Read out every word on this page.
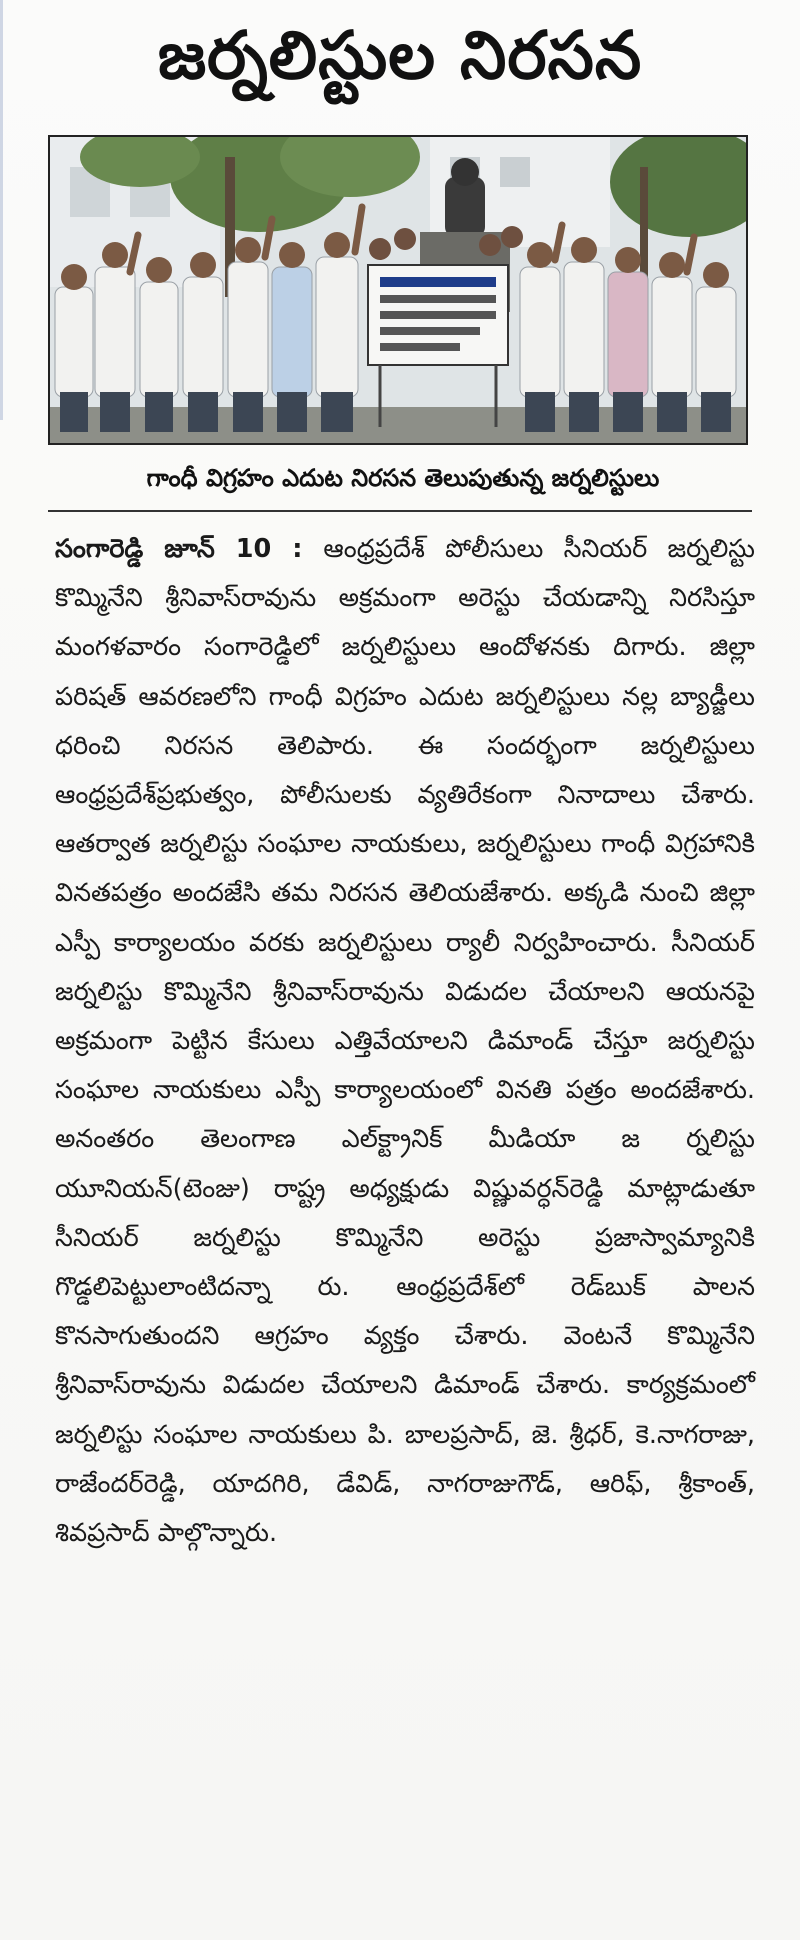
జర్నలిస్టుల నిరసన
గాంధీ విగ్రహం ఎదుట నిరసన తెలుపుతున్న జర్నలిస్టులు
సంగారెడ్డి జూన్ 10 : ఆంధ్రప్రదేశ్ పోలీసులు సీనియర్ జర్నలిస్టు కొమ్మినేని శ్రీనివాస్‌రావును అక్రమంగా అరెస్టు చేయడాన్ని నిరసిస్తూ మంగళవారం సంగారెడ్డిలో జర్నలిస్టులు ఆందోళనకు దిగారు. జిల్లా పరిషత్ ఆవరణలోని గాంధీ విగ్రహం ఎదుట జర్నలిస్టులు నల్ల బ్యాడ్జీలు ధరించి నిరసన తెలిపారు. ఈ సందర్భంగా జర్నలిస్టులు ఆంధ్రప్రదేశ్‌ప్రభుత్వం, పోలీసులకు వ్యతిరేకంగా నినాదాలు చేశారు. ఆతర్వాత జర్నలిస్టు సంఘాల నాయకులు, జర్నలిస్టులు గాంధీ విగ్రహానికి వినతపత్రం అందజేసి తమ నిరసన తెలియజేశారు. అక్కడి నుంచి జిల్లా ఎస్పీ కార్యాలయం వరకు జర్నలిస్టులు ర్యాలీ నిర్వహించారు. సీనియర్ జర్నలిస్టు కొమ్మినేని శ్రీనివాస్‌రావును విడుదల చేయాలని ఆయనపై అక్రమంగా పెట్టిన కేసులు ఎత్తివేయాలని డిమాండ్ చేస్తూ జర్నలిస్టు సంఘాల నాయకులు ఎస్పీ కార్యాలయంలో వినతి పత్రం అందజేశారు. అనంతరం తెలంగాణ ఎల్‌క్ట్రానిక్ మీడియా జ ర్నలిస్టు యూనియన్(టెంజు) రాష్ట్ర అధ్యక్షుడు విష్ణువర్ధన్‌రెడ్డి మాట్లాడుతూ సీనియర్ జర్నలిస్టు కొమ్మినేని అరెస్టు ప్రజాస్వామ్యానికి గొడ్డలిపెట్టులాంటిదన్నా రు. ఆంధ్రప్రదేశ్‌లో రెడ్‌బుక్ పాలన కొనసాగుతుందని ఆగ్రహం వ్యక్తం చేశారు. వెంటనే కొమ్మినేని శ్రీనివాస్‌రావును విడుదల చేయాలని డిమాండ్ చేశారు. కార్యక్రమంలో జర్నలిస్టు సంఘాల నాయకులు పి. బాలప్రసాద్, జె. శ్రీధర్, కె.నాగరాజు, రాజేందర్‌రెడ్డి, యాదగిరి, డేవిడ్, నాగరాజుగౌడ్, ఆరిఫ్, శ్రీకాంత్, శివప్రసాద్ పాల్గొన్నారు.
